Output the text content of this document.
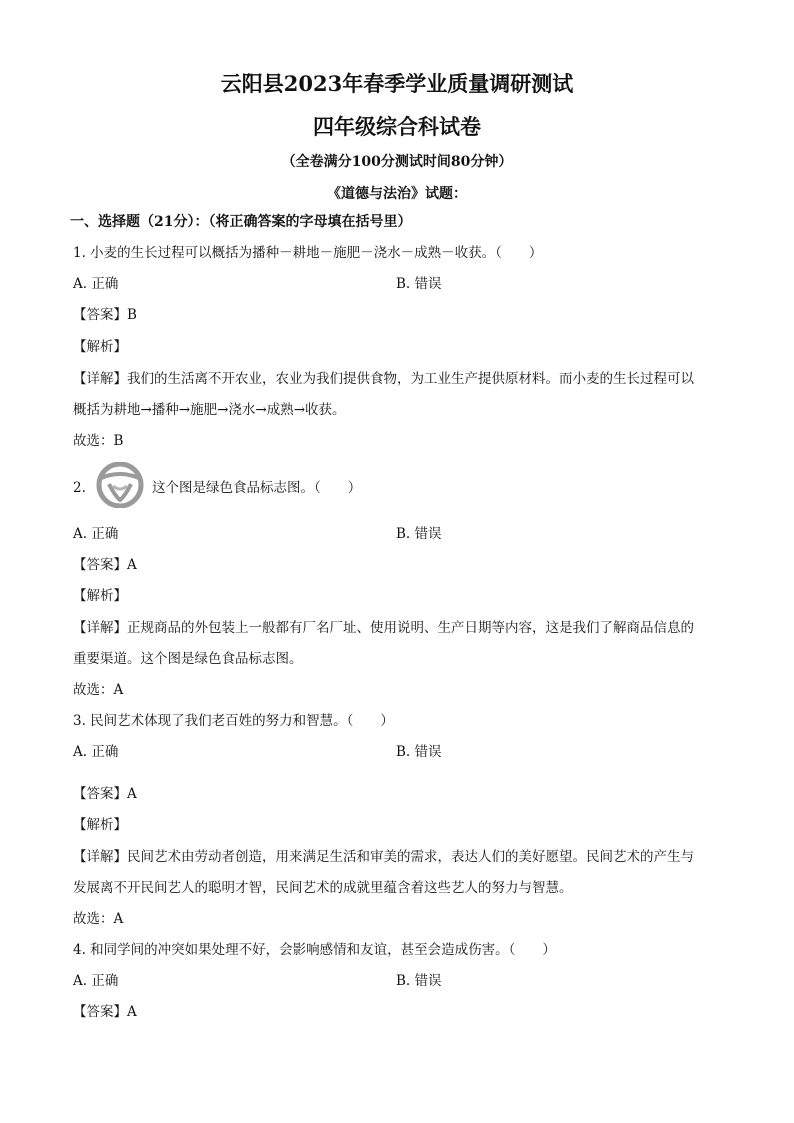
云阳县2023年春季学业质量调研测试
四年级综合科试卷
（全卷满分100分测试时间80分钟）
《道德与法治》试题：
一、选择题（21分）：（将正确答案的字母填在括号里）
1. 小麦的生长过程可以概括为播种－耕地－施肥－浇水－成熟－收获。（　　）
A. 正确	B. 错误
【答案】B
【解析】
【详解】我们的生活离不开农业，农业为我们提供食物，为工业生产提供原材料。而小麦的生长过程可以
概括为耕地→播种→施肥→浇水→成熟→收获。
故选：B
2.	这个图是绿色食品标志图。（　　）
A. 正确	B. 错误
【答案】A
【解析】
【详解】正规商品的外包装上一般都有厂名厂址、使用说明、生产日期等内容，这是我们了解商品信息的
重要渠道。这个图是绿色食品标志图。
故选：A
3. 民间艺术体现了我们老百姓的努力和智慧。（　　）
A. 正确	B. 错误
【答案】A
【解析】
【详解】民间艺术由劳动者创造，用来满足生活和审美的需求，表达人们的美好愿望。民间艺术的产生与
发展离不开民间艺人的聪明才智，民间艺术的成就里蕴含着这些艺人的努力与智慧。
故选：A
4. 和同学间的冲突如果处理不好，会影响感情和友谊，甚至会造成伤害。（　　）
A. 正确	B. 错误
【答案】A
